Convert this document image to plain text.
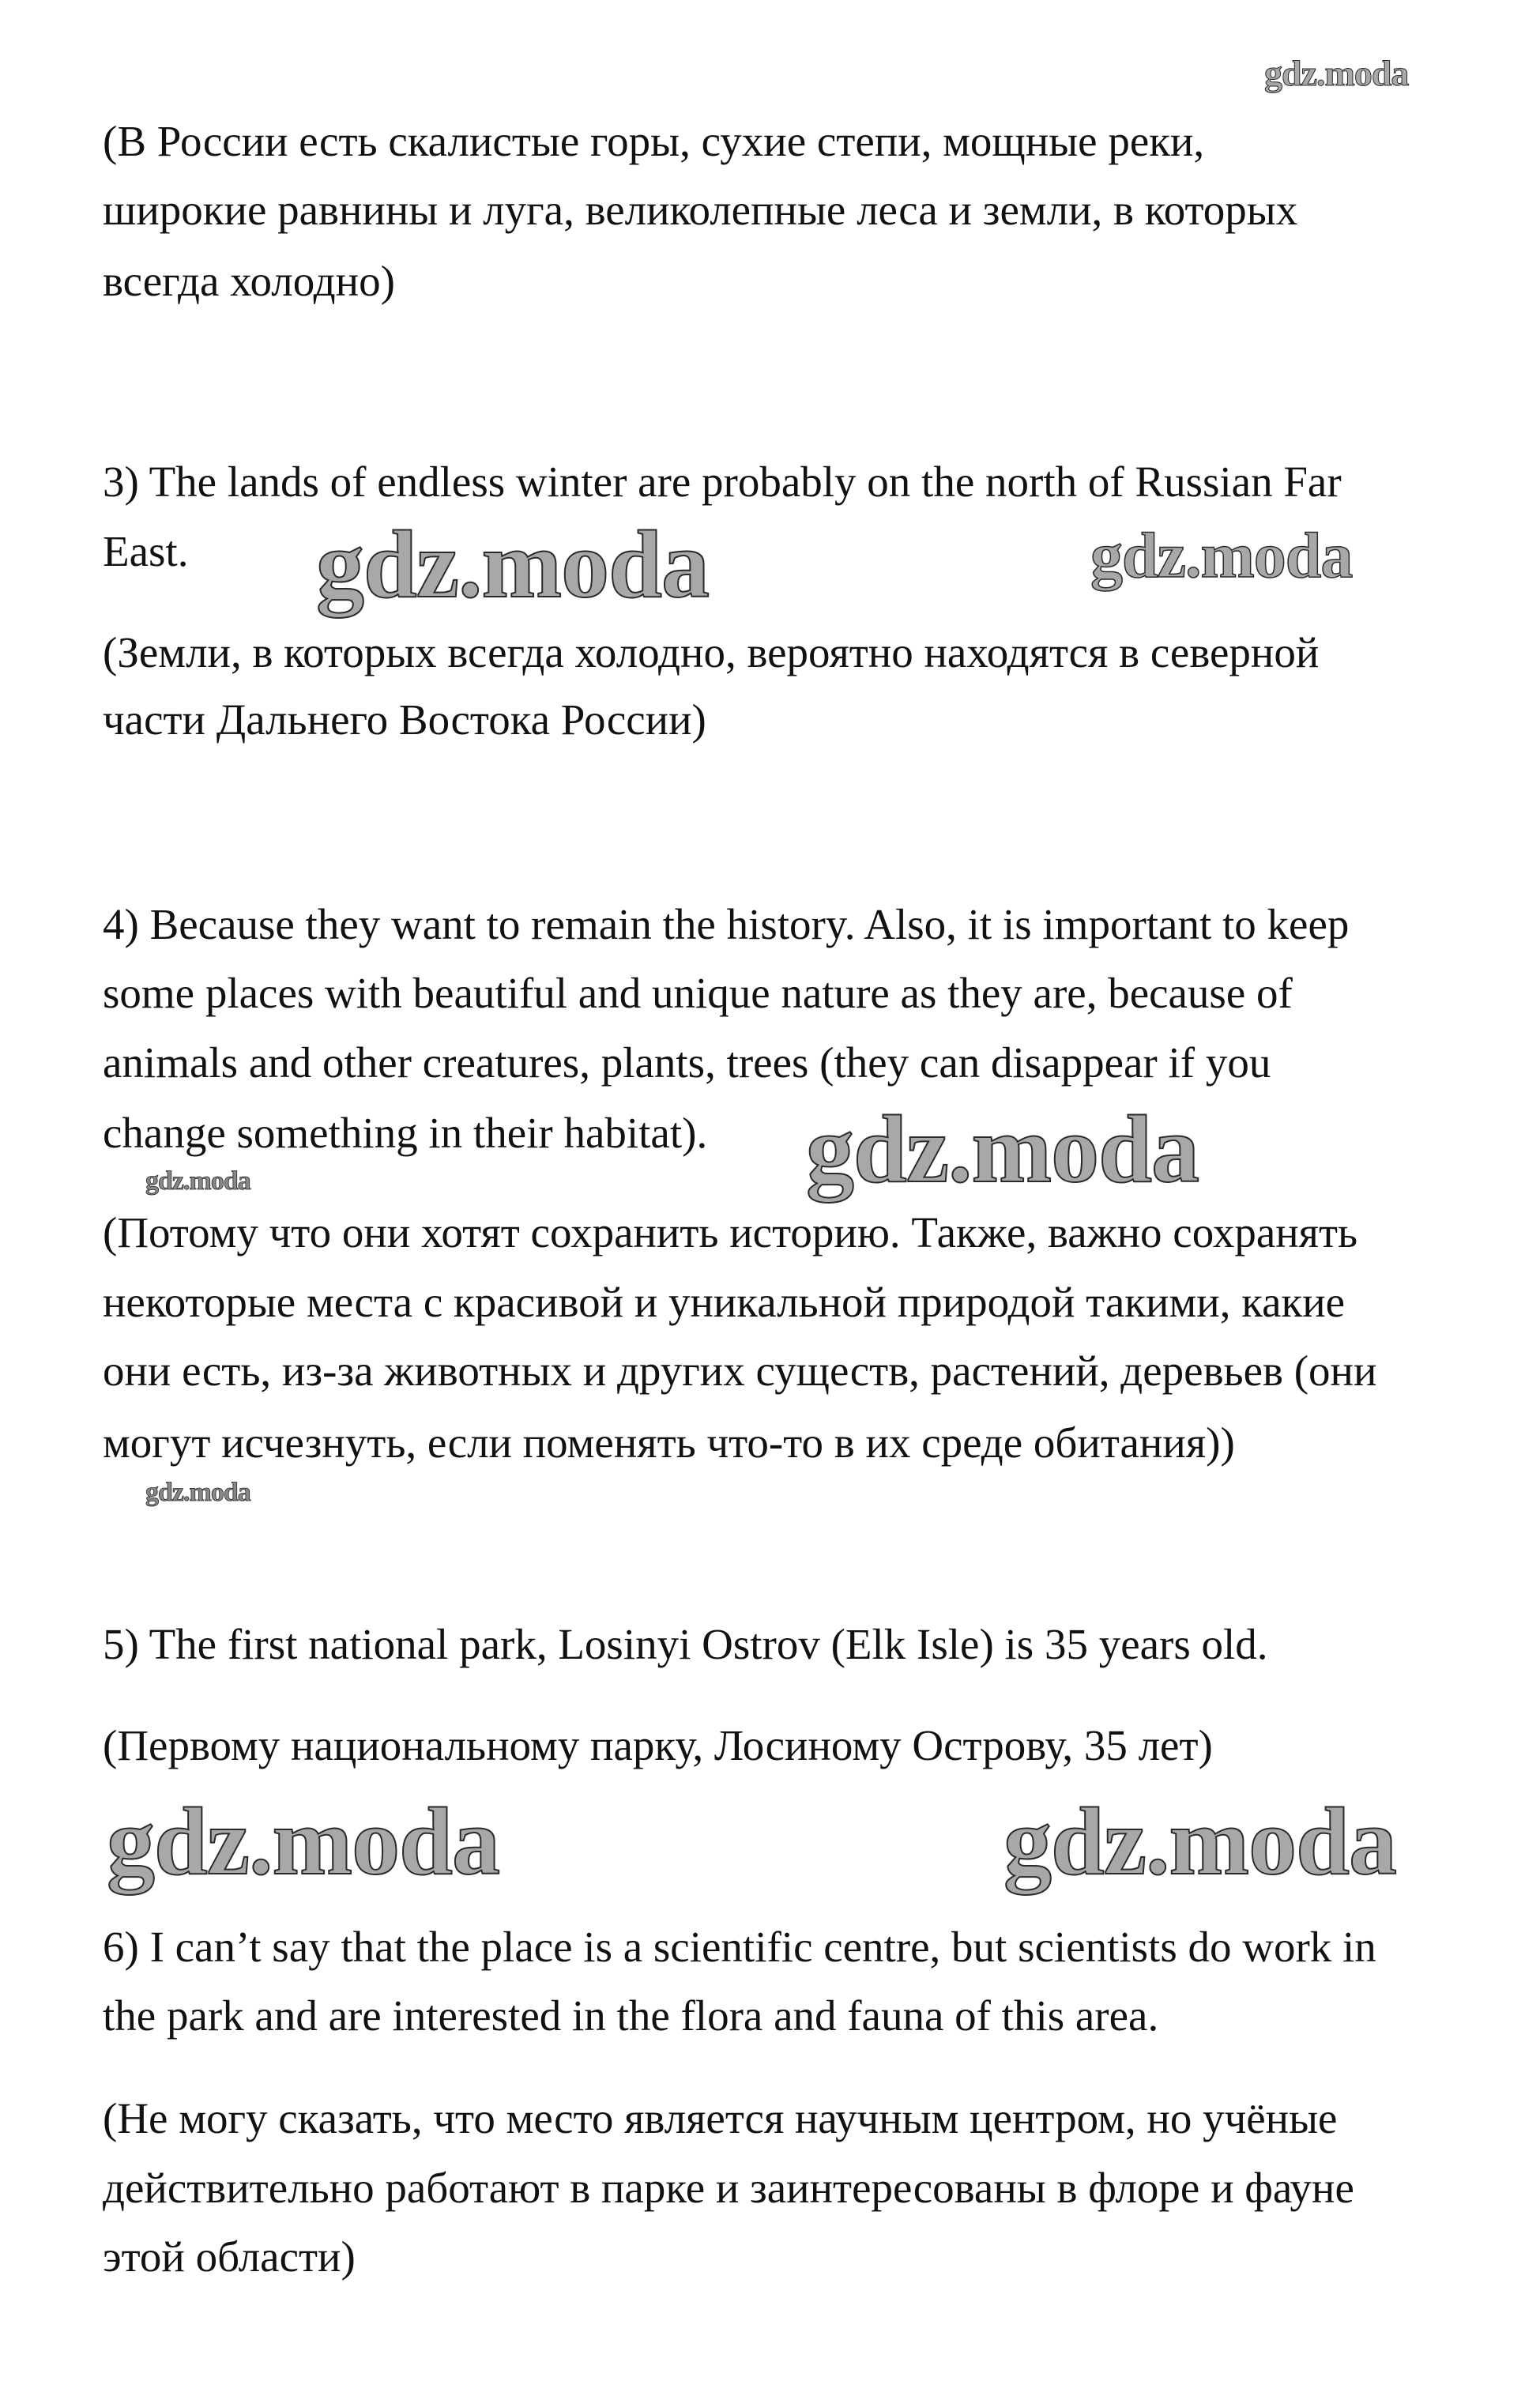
(В России есть скалистые горы, сухие степи, мощные реки,
широкие равнины и луга, великолепные леса и земли, в которых
всегда холодно)
3) The lands of endless winter are probably on the north of Russian Far
East.
(Земли, в которых всегда холодно, вероятно находятся в северной
части Дальнего Востока России)
4) Because they want to remain the history. Also, it is important to keep
some places with beautiful and unique nature as they are, because of
animals and other creatures, plants, trees (they can disappear if you
change something in their habitat).
(Потому что они хотят сохранить историю. Также, важно сохранять
некоторые места с красивой и уникальной природой такими, какие
они есть, из-за животных и других существ, растений, деревьев (они
могут исчезнуть, если поменять что-то в их среде обитания))
5) The first national park, Losinyi Ostrov (Elk Isle) is 35 years old.
(Первому национальному парку, Лосиному Острову, 35 лет)
6) I can’t say that the place is a scientific centre, but scientists do work in
the park and are interested in the flora and fauna of this area.
(Не могу сказать, что место является научным центром, но учёные
действительно работают в парке и заинтересованы в флоре и фауне
этой области)
gdz.moda
gdz.moda	gdz.moda
gdz.moda	gdz.moda
gdz.moda
gdz.moda	gdz.moda
